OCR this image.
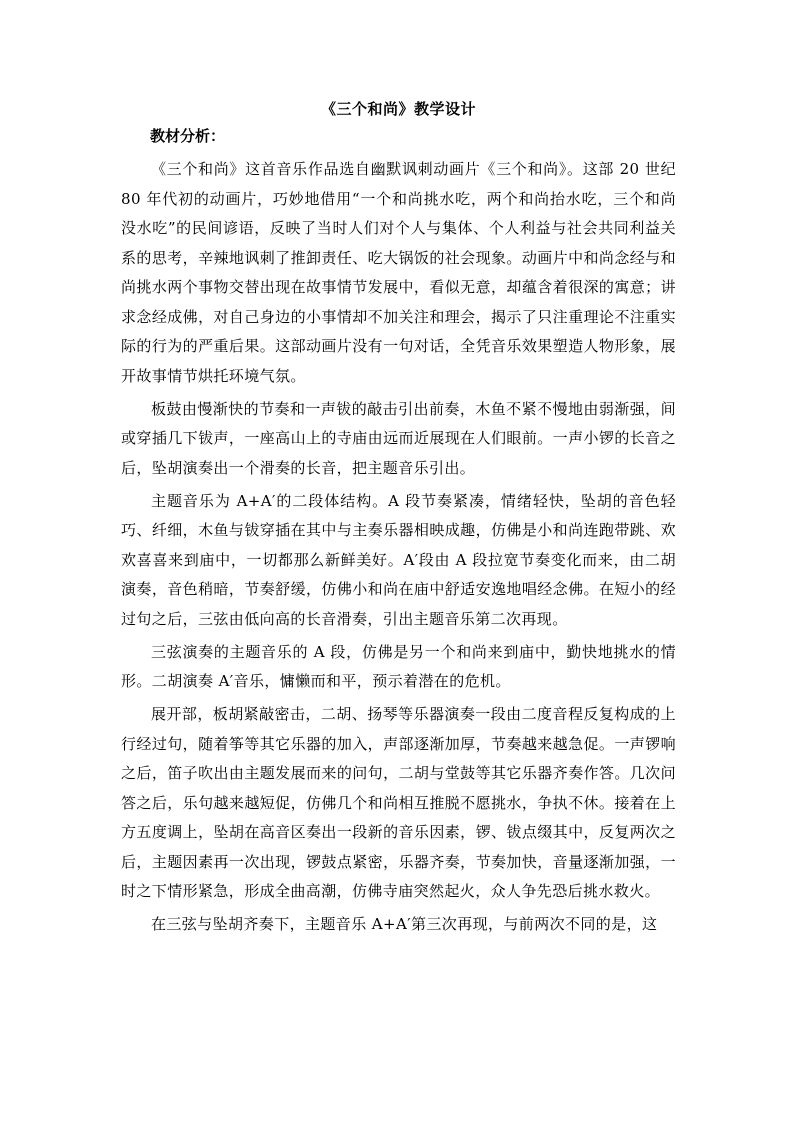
《三个和尚》教学设计
教材分析：

《三个和尚》这首音乐作品选自幽默讽刺动画片《三个和尚》。这部 20 世纪 80 年代初的动画片，巧妙地借用“一个和尚挑水吃，两个和尚抬水吃，三个和尚没水吃”的民间谚语，反映了当时人们对个人与集体、个人利益与社会共同利益关系的思考，辛辣地讽刺了推卸责任、吃大锅饭的社会现象。动画片中和尚念经与和尚挑水两个事物交替出现在故事情节发展中，看似无意，却蕴含着很深的寓意；讲求念经成佛，对自己身边的小事情却不加关注和理会，揭示了只注重理论不注重实际的行为的严重后果。这部动画片没有一句对话，全凭音乐效果塑造人物形象，展开故事情节烘托环境气氛。

板鼓由慢渐快的节奏和一声钹的敲击引出前奏，木鱼不紧不慢地由弱渐强，间或穿插几下钹声，一座高山上的寺庙由远而近展现在人们眼前。一声小锣的长音之后，坠胡演奏出一个滑奏的长音，把主题音乐引出。

主题音乐为 A+A′的二段体结构。A 段节奏紧凑，情绪轻快，坠胡的音色轻巧、纤细，木鱼与钹穿插在其中与主奏乐器相映成趣，仿佛是小和尚连跑带跳、欢欢喜喜来到庙中，一切都那么新鲜美好。A′段由 A 段拉宽节奏变化而来，由二胡演奏，音色稍暗，节奏舒缓，仿佛小和尚在庙中舒适安逸地唱经念佛。在短小的经过句之后，三弦由低向高的长音滑奏，引出主题音乐第二次再现。

三弦演奏的主题音乐的 A 段，仿佛是另一个和尚来到庙中，勤快地挑水的情形。二胡演奏 A′音乐，慵懒而和平，预示着潜在的危机。

展开部，板胡紧敲密击，二胡、扬琴等乐器演奏一段由二度音程反复构成的上行经过句，随着筝等其它乐器的加入，声部逐渐加厚，节奏越来越急促。一声锣响之后，笛子吹出由主题发展而来的问句，二胡与堂鼓等其它乐器齐奏作答。几次问答之后，乐句越来越短促，仿佛几个和尚相互推脱不愿挑水，争执不休。接着在上方五度调上，坠胡在高音区奏出一段新的音乐因素，锣、钹点缀其中，反复两次之后，主题因素再一次出现，锣鼓点紧密，乐器齐奏，节奏加快，音量逐渐加强，一时之下情形紧急，形成全曲高潮，仿佛寺庙突然起火，众人争先恐后挑水救火。

在三弦与坠胡齐奏下，主题音乐 A+A′第三次再现，与前两次不同的是，这
